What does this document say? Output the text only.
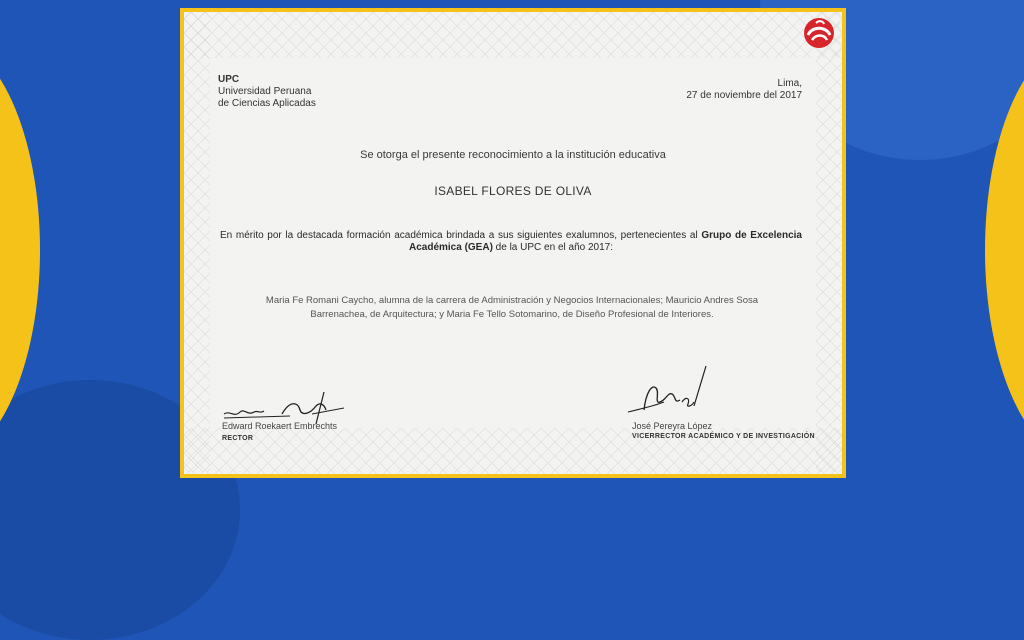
UPC
Universidad Peruana
de Ciencias Aplicadas
Lima,
27 de noviembre del 2017
Se otorga el presente reconocimiento a la institución educativa
ISABEL FLORES DE OLIVA
En mérito por la destacada formación académica brindada a sus siguientes exalumnos, pertenecientes al Grupo de Excelencia Académica (GEA) de la UPC en el año 2017:
Maria Fe Romani Caycho, alumna de la carrera de Administración y Negocios Internacionales; Mauricio Andres Sosa Barrenachea, de Arquitectura; y Maria Fe Tello Sotomarino, de Diseño Profesional de Interiores.
Edward Roekaert Embrechts
RECTOR
José Pereyra López
VICERRECTOR ACADÉMICO Y DE INVESTIGACIÓN
